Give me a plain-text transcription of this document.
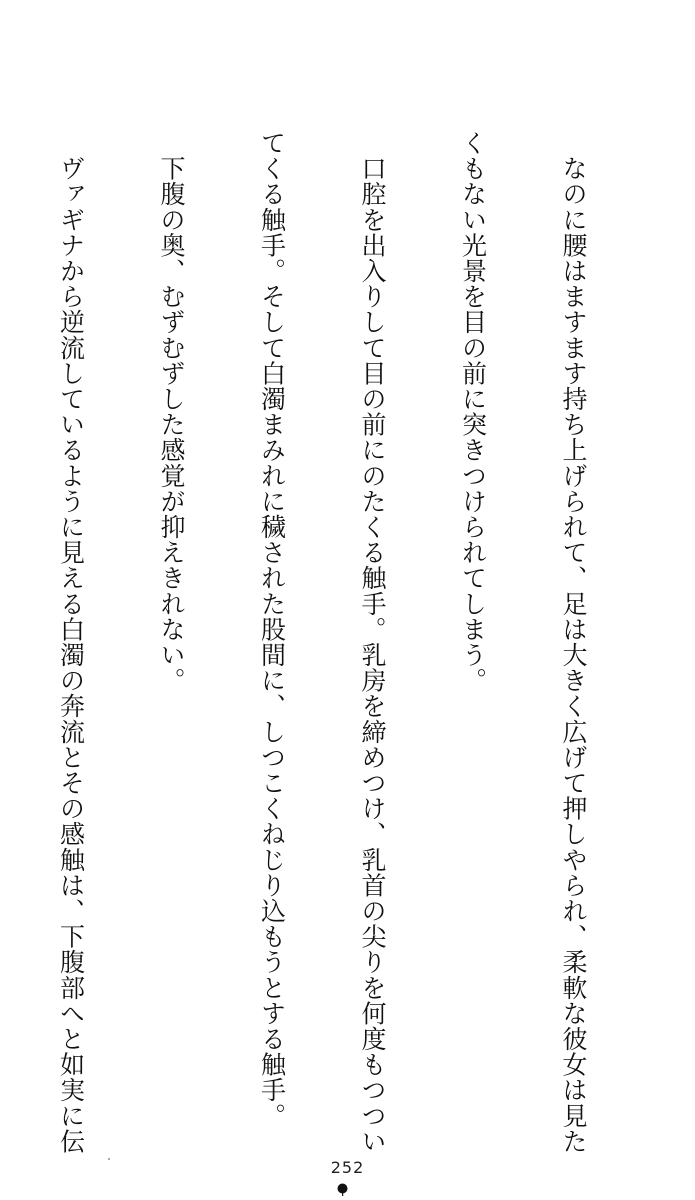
　なのに腰はますます持ち上げられて、足は大きく広げて押しやられ、柔軟な彼女は見た

くもない光景を目の前に突きつけられてしまう。

　口腔を出入りして目の前にのたくる触手。乳房を締めつけ、乳首の尖りを何度もつつい

てくる触手。そして白濁まみれに穢された股間に、しつこくねじり込もうとする触手。

　下腹の奥、むずむずした感覚が抑えきれない。

　ヴァギナから逆流しているように見える白濁の奔流とその感触は、下腹部へと如実に伝

252
